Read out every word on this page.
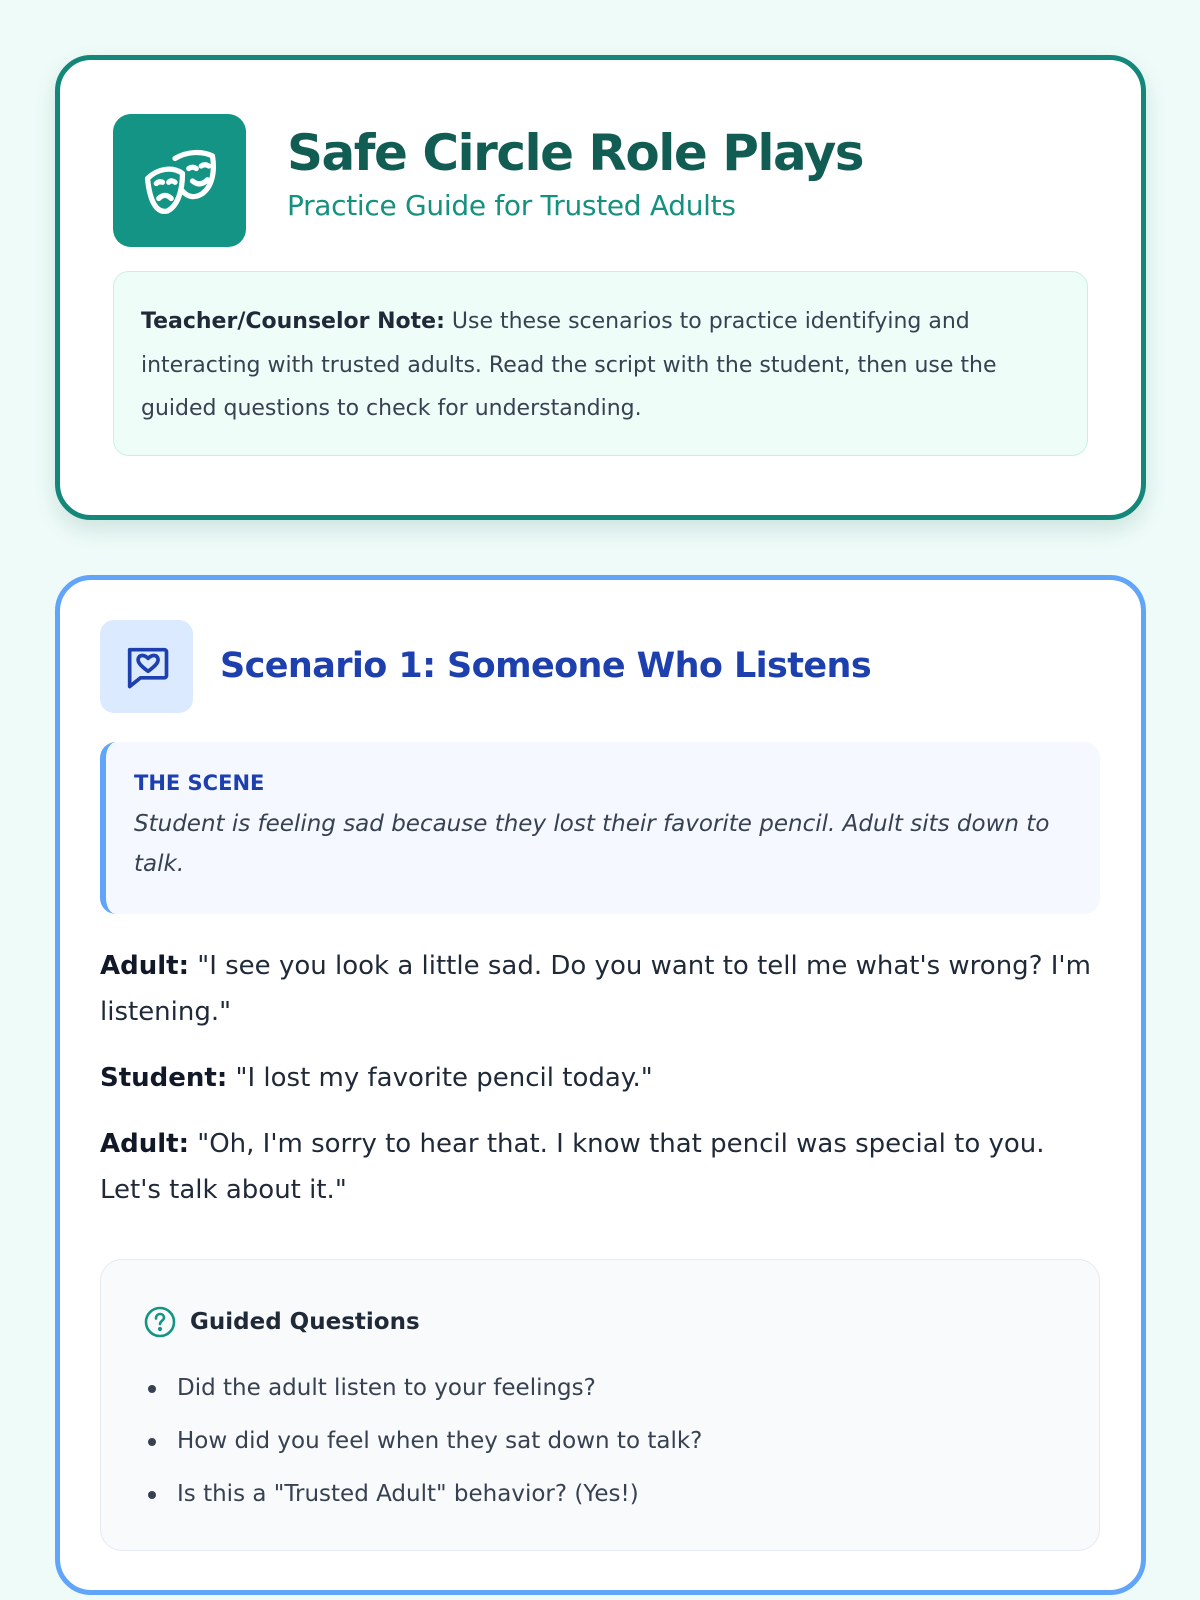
Safe Circle Role Plays
Practice Guide for Trusted Adults
Teacher/Counselor Note: Use these scenarios to practice identifying and interacting with trusted adults. Read the script with the student, then use the guided questions to check for understanding.
Scenario 1: Someone Who Listens
THE SCENE
Student is feeling sad because they lost their favorite pencil. Adult sits down to talk.

Adult: "I see you look a little sad. Do you want to tell me what's wrong? I'm listening."

Student: "I lost my favorite pencil today."

Adult: "Oh, I'm sorry to hear that. I know that pencil was special to you. Let's talk about it."

Guided Questions
Did the adult listen to your feelings?
How did you feel when they sat down to talk?
Is this a "Trusted Adult" behavior? (Yes!)
